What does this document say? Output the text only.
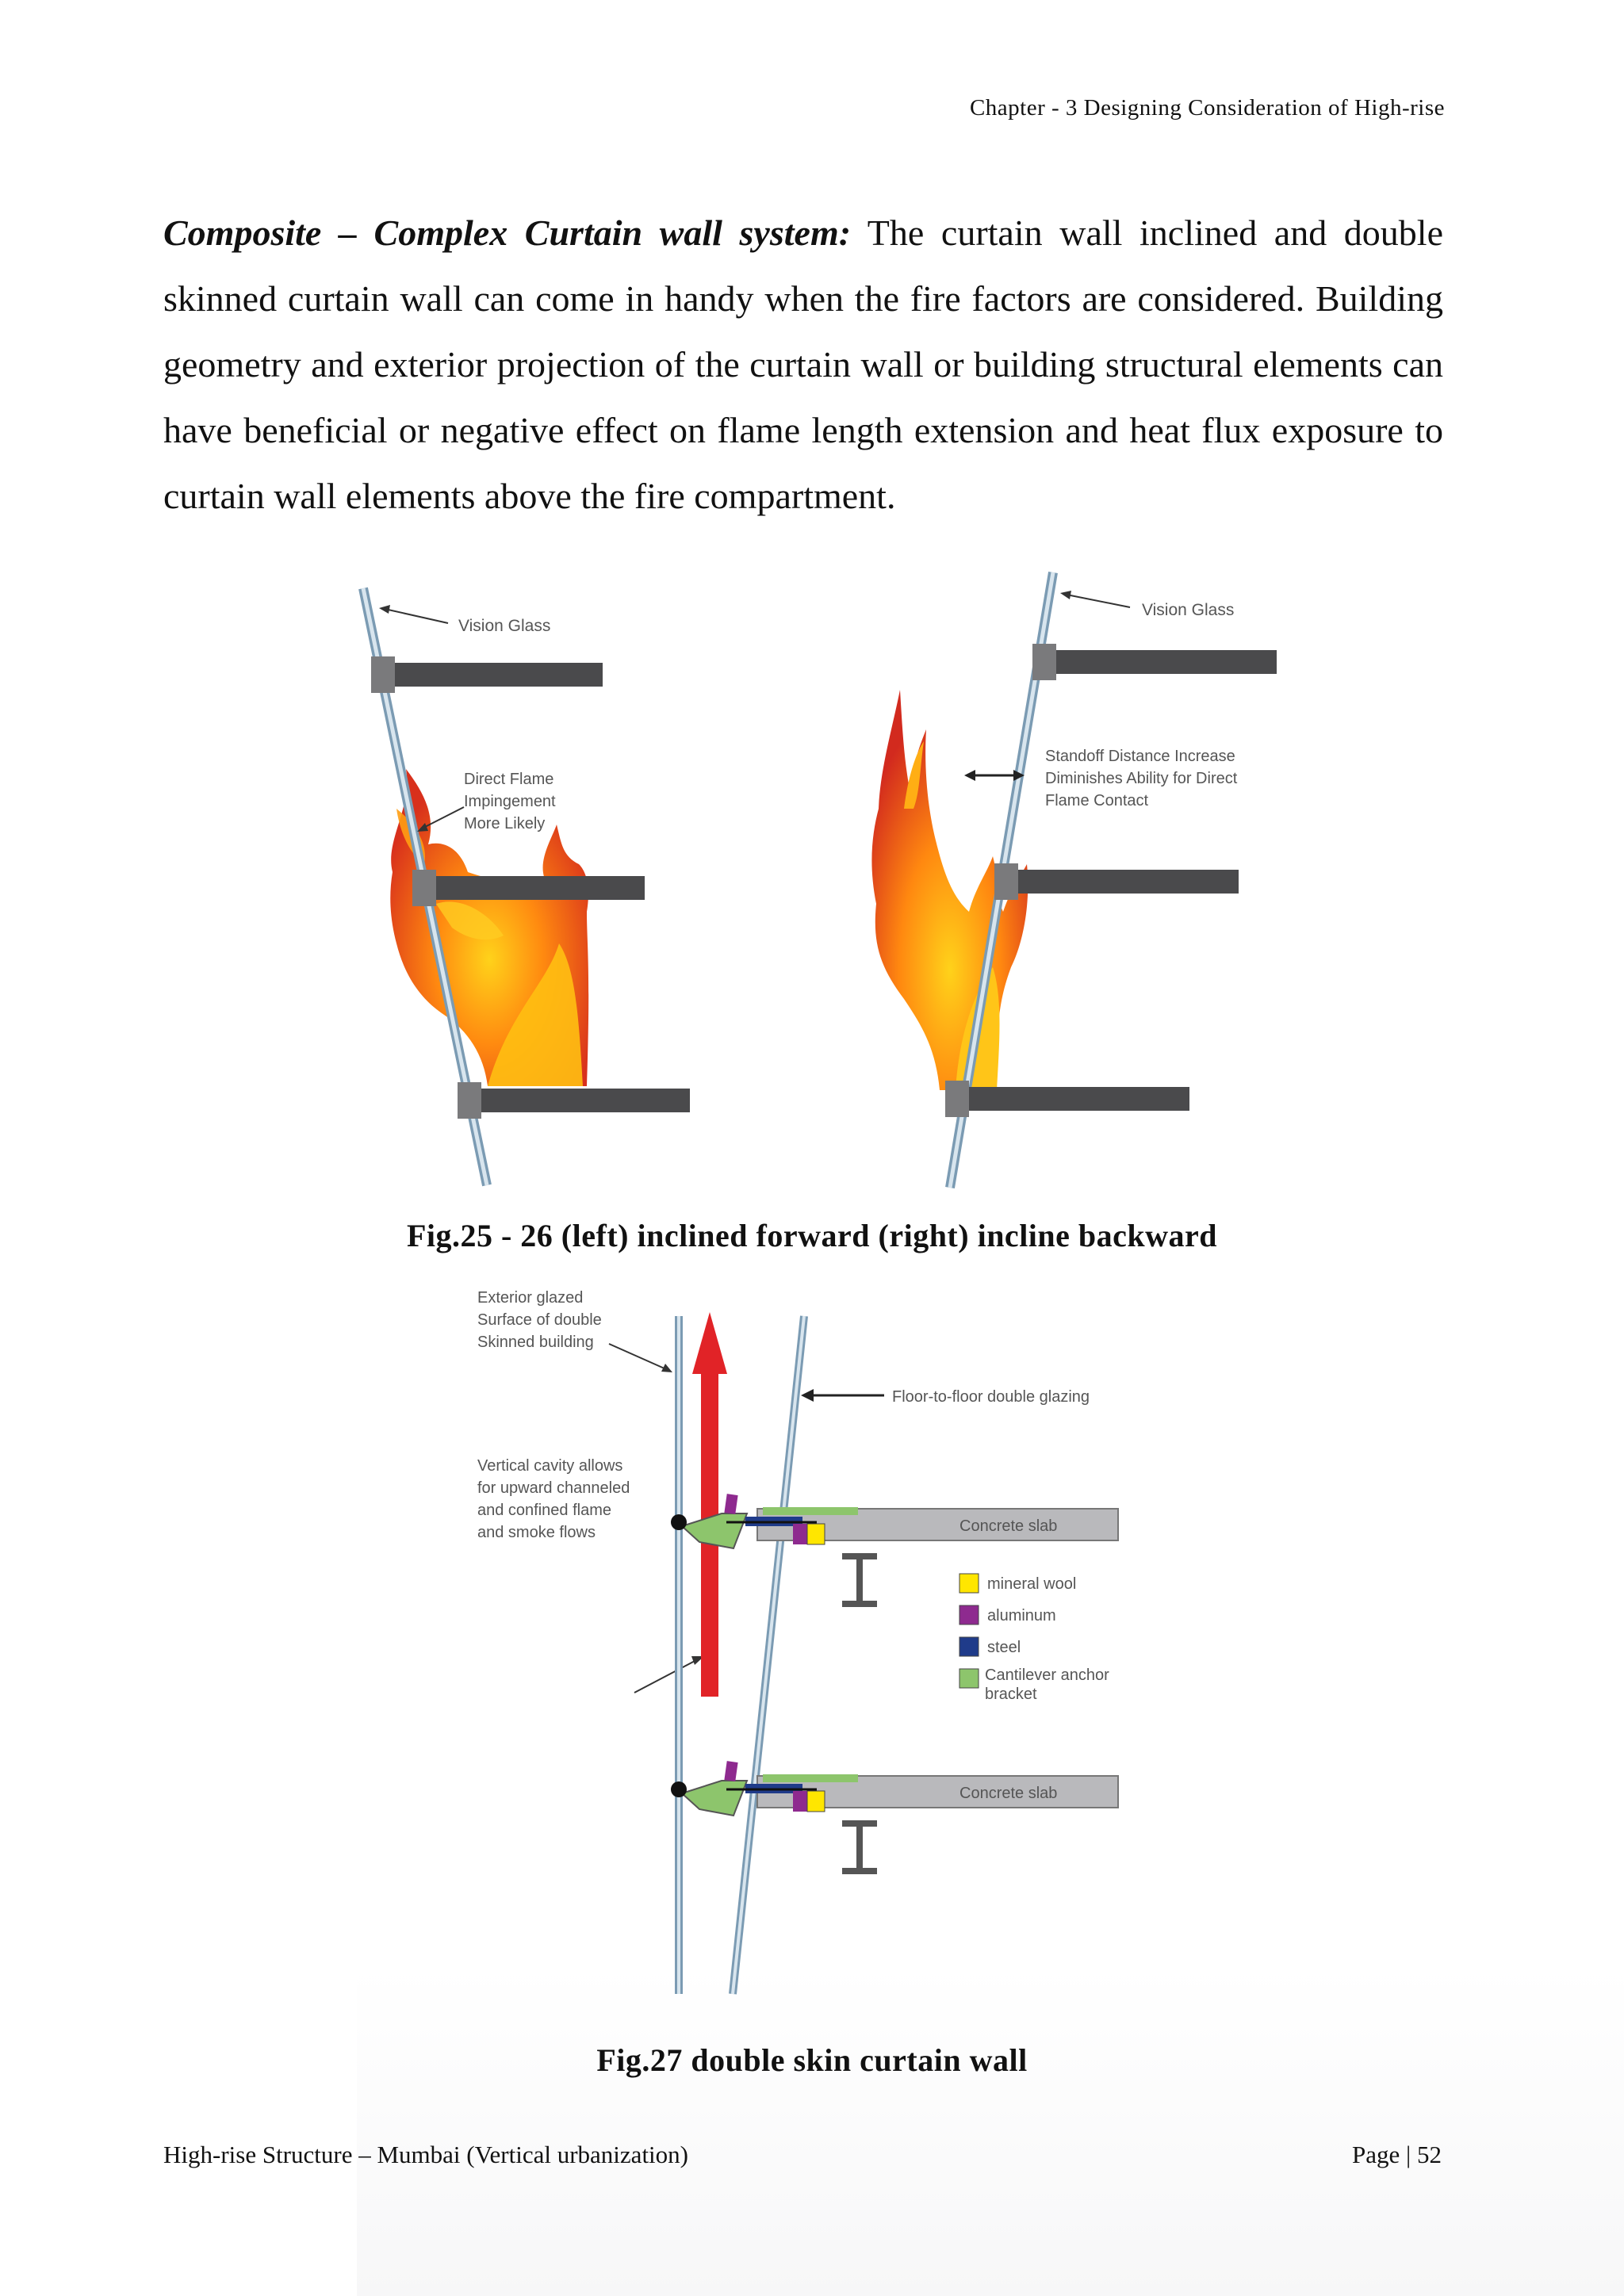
Chapter - 3 Designing Consideration of High-rise

Composite – Complex Curtain wall system: The curtain wall inclined and double skinned curtain wall can come in handy when the fire factors are considered. Building geometry and exterior projection of the curtain wall or building structural elements can have beneficial or negative effect on flame length extension and heat flux exposure to curtain wall elements above the fire compartment.

Vision Glass
Direct Flame
Impingement
More Likely
Vision Glass
Standoff Distance Increase
Diminishes Ability for Direct
Flame Contact
Fig.25 - 26 (left) inclined forward (right) incline backward
Exterior glazed
Surface of double
Skinned building
Vertical cavity allows
for upward channeled
and confined flame
and smoke flows
Floor-to-floor double glazing
Concrete slab
Concrete slab
mineral wool
aluminum
steel
Cantilever anchor bracket
Fig.27 double skin curtain wall
High-rise Structure – Mumbai (Vertical urbanization)	Page | 52
